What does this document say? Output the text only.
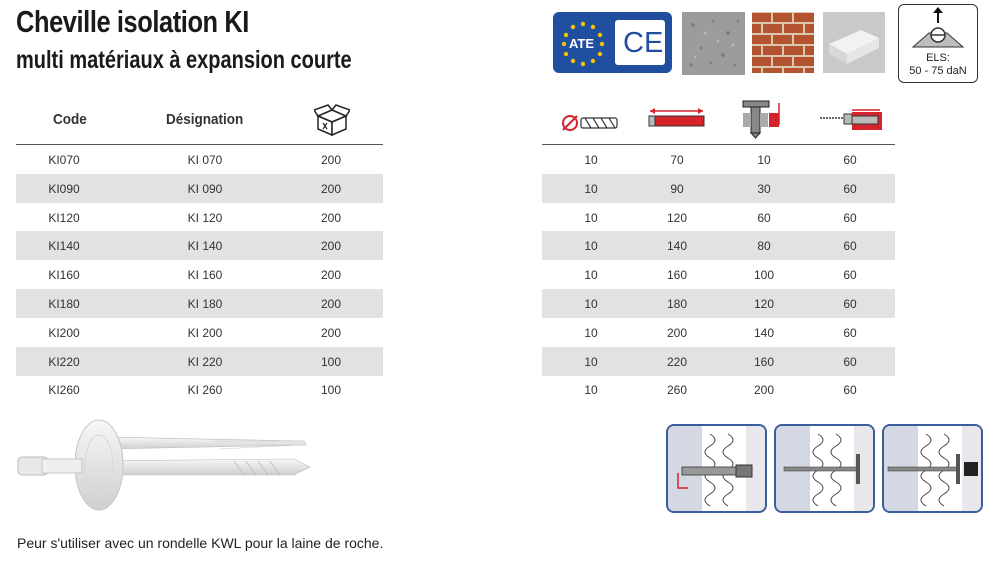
Cheville isolation KI
multi matériaux à expansion courte
ATE CE	ELS:
50 - 75 daN
Code	Désignation
KI070	KI 070	200
KI090	KI 090	200
KI120	KI 120	200
KI140	KI 140	200
KI160	KI 160	200
KI180	KI 180	200
KI200	KI 200	200
KI220	KI 220	100
KI260	KI 260	100
10	70	10	60
10	90	30	60
10	120	60	60
10	140	80	60
10	160	100	60
10	180	120	60
10	200	140	60
10	220	160	60
10	260	200	60
Peur s'utiliser avec un rondelle KWL pour la laine de roche.
